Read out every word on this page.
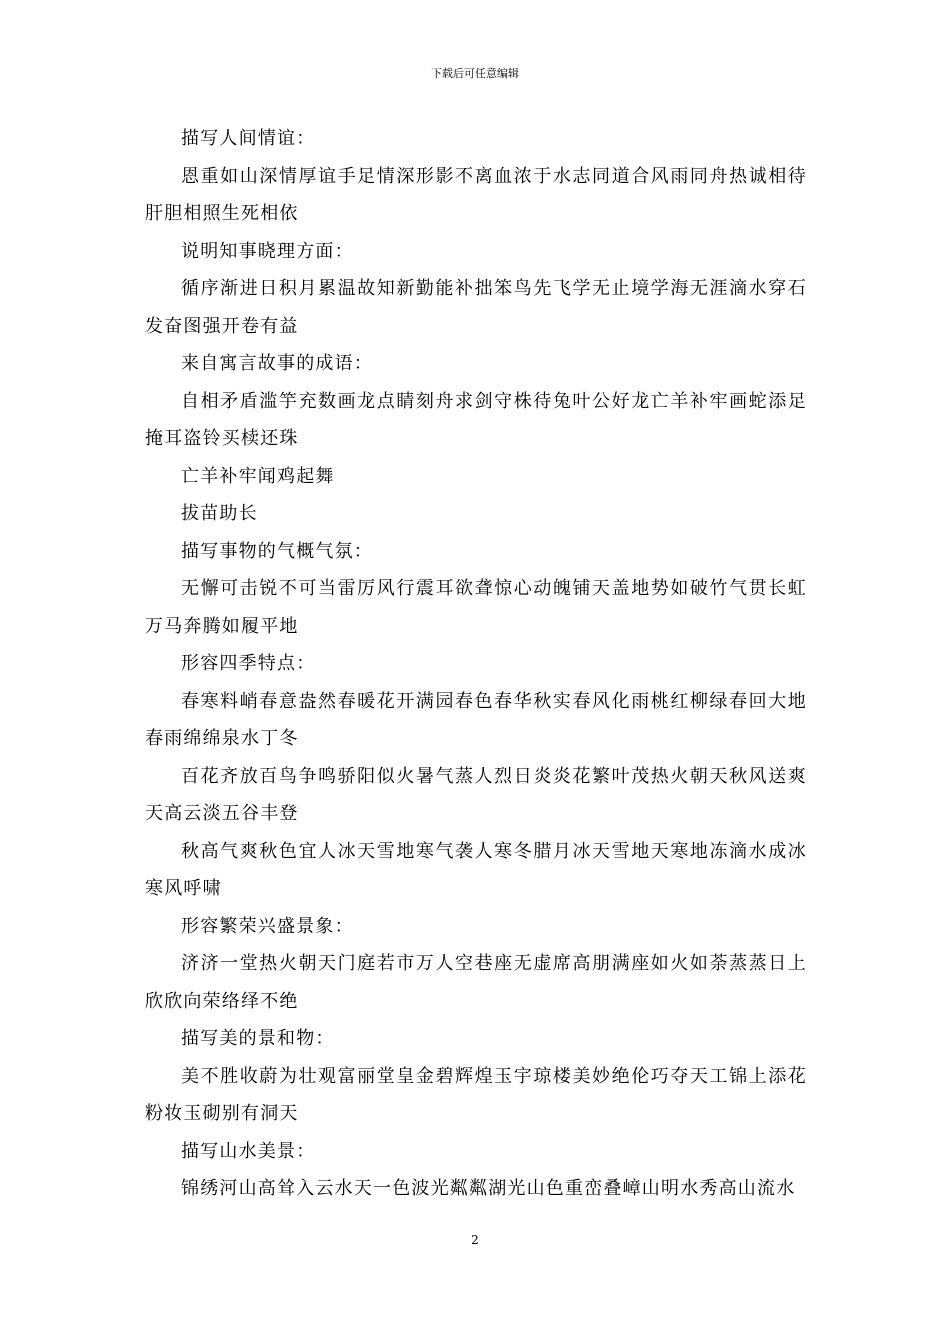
下载后可任意编辑

描写人间情谊：

恩重如山深情厚谊手足情深形影不离血浓于水志同道合风雨同舟热诚相待肝胆相照生死相依

说明知事晓理方面：

循序渐进日积月累温故知新勤能补拙笨鸟先飞学无止境学海无涯滴水穿石发奋图强开卷有益

来自寓言故事的成语：

自相矛盾滥竽充数画龙点睛刻舟求剑守株待兔叶公好龙亡羊补牢画蛇添足掩耳盗铃买椟还珠

亡羊补牢闻鸡起舞

拔苗助长

描写事物的气概气氛：

无懈可击锐不可当雷厉风行震耳欲聋惊心动魄铺天盖地势如破竹气贯长虹万马奔腾如履平地

形容四季特点：

春寒料峭春意盎然春暖花开满园春色春华秋实春风化雨桃红柳绿春回大地春雨绵绵泉水丁冬

百花齐放百鸟争鸣骄阳似火暑气蒸人烈日炎炎花繁叶茂热火朝天秋风送爽天高云淡五谷丰登

秋高气爽秋色宜人冰天雪地寒气袭人寒冬腊月冰天雪地天寒地冻滴水成冰寒风呼啸

形容繁荣兴盛景象：

济济一堂热火朝天门庭若市万人空巷座无虚席高朋满座如火如荼蒸蒸日上欣欣向荣络绎不绝

描写美的景和物：

美不胜收蔚为壮观富丽堂皇金碧辉煌玉宇琼楼美妙绝伦巧夺天工锦上添花粉妆玉砌别有洞天

描写山水美景：

锦绣河山高耸入云水天一色波光粼粼湖光山色重峦叠嶂山明水秀高山流水

2
